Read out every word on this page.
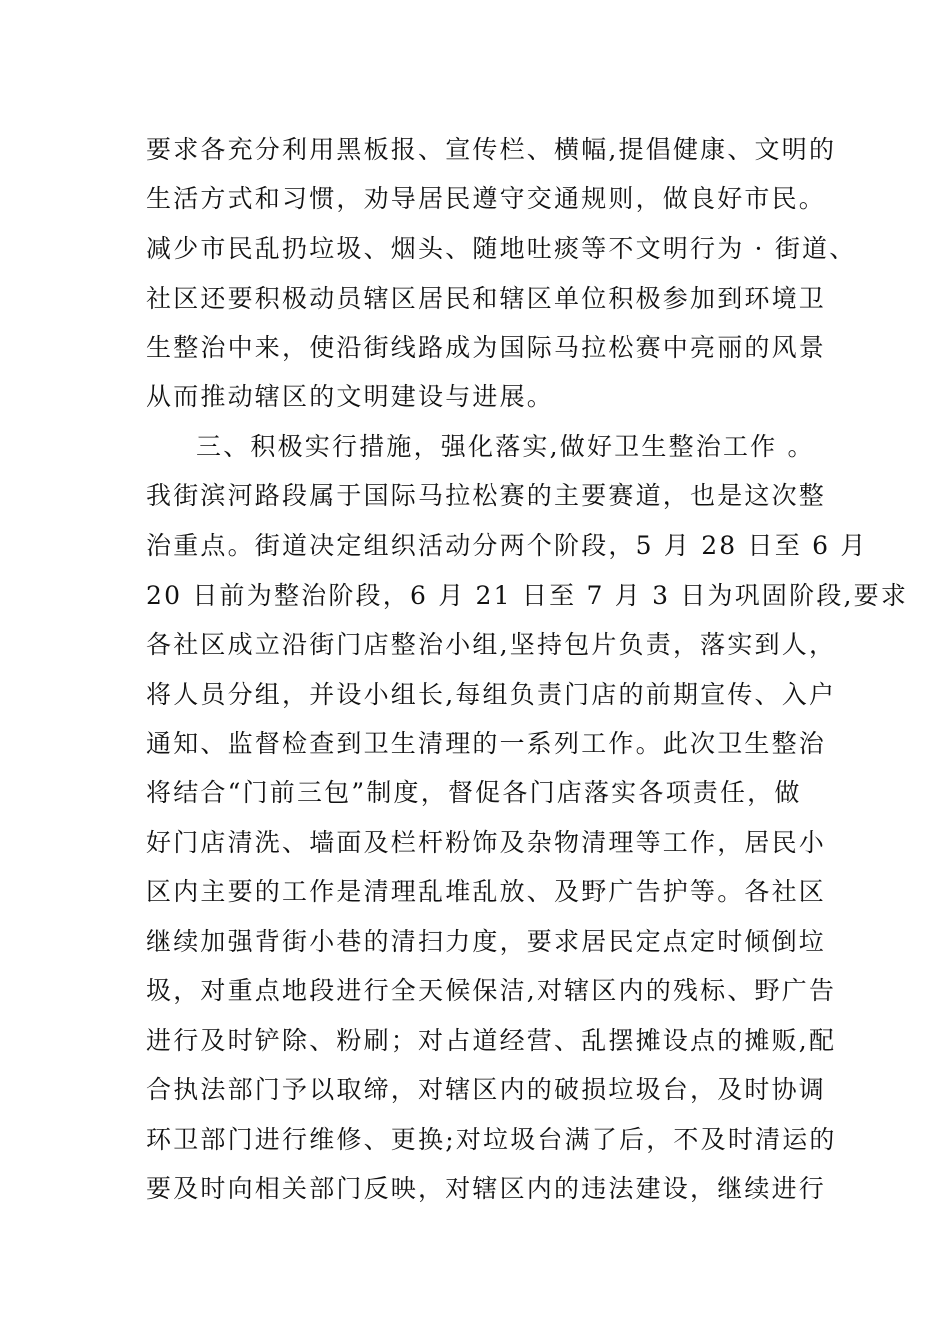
要求各充分利用黑板报、宣传栏、横幅,提倡健康、文明的
生活方式和习惯，劝导居民遵守交通规则，做良好市民。
减少市民乱扔垃圾、烟头、随地吐痰等不文明行为 · 街道、
社区还要积极动员辖区居民和辖区单位积极参加到环境卫
生整治中来，使沿街线路成为国际马拉松赛中亮丽的风景
从而推动辖区的文明建设与进展。
三、积极实行措施，强化落实,做好卫生整治工作 。
我街滨河路段属于国际马拉松赛的主要赛道，也是这次整
治重点。街道决定组织活动分两个阶段，5 月 28 日至 6 月
20 日前为整治阶段，6 月 21 日至 7 月 3 日为巩固阶段,要求
各社区成立沿街门店整治小组,坚持包片负责，落实到人，
将人员分组，并设小组长,每组负责门店的前期宣传、入户
通知、监督检查到卫生清理的一系列工作。此次卫生整治
将结合“门前三包”制度，督促各门店落实各项责任，做
好门店清洗、墙面及栏杆粉饰及杂物清理等工作，居民小
区内主要的工作是清理乱堆乱放、及野广告护等。各社区
继续加强背街小巷的清扫力度，要求居民定点定时倾倒垃
圾，对重点地段进行全天候保洁,对辖区内的残标、野广告
进行及时铲除、粉刷；对占道经营、乱摆摊设点的摊贩,配
合执法部门予以取缔，对辖区内的破损垃圾台，及时协调
环卫部门进行维修、更换;对垃圾台满了后，不及时清运的
要及时向相关部门反映，对辖区内的违法建设，继续进行
